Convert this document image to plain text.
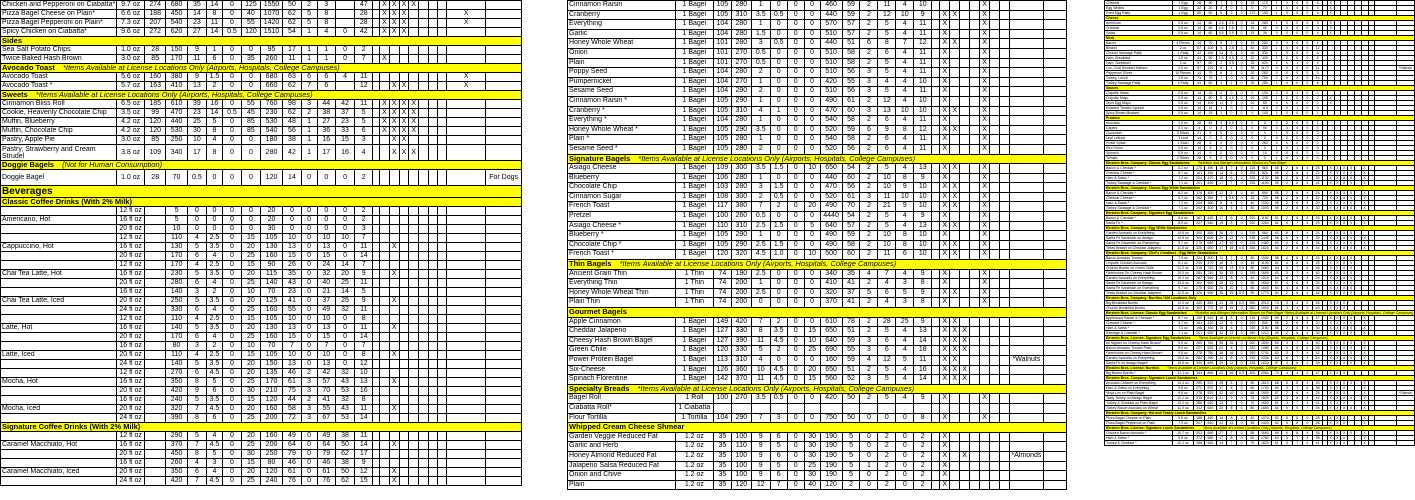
Chicken and Pepperoni on Ciabatta*	9.7 oz	274	680	35	14	0	125	1550	50	2	3		47		X	X	X	X					
Pizza Bagel Cheese on Plain*	6.6 oz	188	450	14	8	0	40	1070	62	5	8		28		X	X	X					X	
Pizza Bagel Pepperoni on Plain*	7.3 oz	207	540	23	11	0	55	1420	62	5	8		28		X	X	X					X	
Spicy Chicken on Ciabatta*	9.6 oz	272	620	27	14	0.5	120	1510	54	1	4	0	42		X	X	X						
Sides																							
Sea Salt Potato Chips	1.0 oz	28	150	9	1	0	0	95	17	1	1	0	2										
Twice Baked Hash Brown	3.0 oz	85	170	11	6	0	35	260	11	1	1	0	7		X								
Avocado Toast *Items Available at License Locations Only (Airports, Hospitals, College Campuses)																							
Avocado Toast	5.6 oz	160	380	9	1.5	0	0	680	63	6	6	4	11									X	
Avocado Toast *	5.7 oz	163	410	13	2	0	0	660	62	7	6		12			X	X					X	
Sweets *Items Available at License Locations Only (Airports, Hospitals, College Campuses)																							
Cinnamon Bliss Roll	6.5 oz	185	610	39	16	0	55	760	98	3	44	42	11		X	X	X	X					
Cookie, Heavenly Chocolate Chip	3.5 oz	99	470	23	14	0.5	45	230	62	2	38	37	5		X	X	X	X					
Muffin, Blueberry	4.2 oz	120	440	25	5	0	85	530	48	1	27	23	5		X	X	X	X					
Muffin, Chocolate Chip	4.2 oz	120	530	30	8	0	85	540	56	1	36	33	6		X	X	X	X					
Pastry, Apple Pie	3.0 oz	85	250	10	4	0	0	180	38	1	16	15	3			X	X						
Pastry, Strawberry and Cream Strudel	3.8 oz	109	340	17	8	0	0	280	42	1	17	16	4			X	X	X					
Doggie Bagels (Not for Human Consumption)																							
Doggie Bagel	1.0 oz	28	70	0.5	0	0	0	120	14	0	0	0	2										For Dogs
Beverages																							
Classic Coffee Drinks (With 2% Milk)																							
	12 fl oz		5	0	0	0	0	20	0	0	0	0	2										
Americano, Hot	16 fl oz		5	0	0	0	0	20	0	0	0	0	2										
	20 fl oz		10	0	0	0	0	30	0	0	0	0	3										
	12 fl oz		110	4	2.5	0	15	105	10	0	10	10	7										
Cappuccino, Hot	16 fl oz		130	5	3.5	0	20	130	13	0	13	0	11			X							
	20 fl oz		170	6	4	0	25	160	15	0	15	0	14										
	12 fl oz		170	4	2.5	0	15	90	26	0	24	14	7										
Chai Tea Latte, Hot	16 fl oz		230	5	3.5	0	20	115	35	0	32	20	9			X							
	20 fl oz		280	6	4	0	25	140	43	0	40	25	11										
	16 fl oz		140	3	2	0	10	70	23	0	21	14	5										
Chai Tea Latte, Iced	20 fl oz		250	5	3.5	0	20	125	41	0	37	25	9			X							
	24 fl oz		330	6	4	0	25	160	55	0	49	32	11										
	12 fl oz		110	4	2.5	0	15	105	10	0	10	0	8										
Latte, Hot	16 fl oz		140	5	3.5	0	20	130	13	0	13	0	11			X							
	20 fl oz		170	6	4	0	25	160	15	0	15	0	14										
	16 fl oz		80	3	2	0	10	70	7	0	7	0	7										
Latte, Iced	20 fl oz		110	4	2.5	0	15	105	10	0	10	0	8			X							
	24 fl oz		140	5	3.5	0	20	150	13	0	13	0	12										
	12 fl oz		270	6	4.5	0	20	135	46	2	42	32	10										
Mocha, Hot	16 fl oz		350	8	5	0	25	170	61	3	57	43	13			X							
	20 fl oz		420	9	6	0	30	210	75	3	70	53	16										
	16 fl oz		240	5	3.5	0	15	120	44	2	41	32	8										
Mocha, Iced	20 fl oz		320	7	4.5	0	20	160	58	3	55	43	11			X							
	24 fl oz		390	8	6	0	25	200	72	3	67	53	14										
Signature Coffee Drinks (With 2% Milk)																							
	12 fl oz		290	5	4	0	20	160	49	0	49	38	11										
Caramel Macchiato, Hot	16 fl oz		370	7	4.5	0	25	200	64	0	64	50	14			X							
	20 fl oz		450	8	5	0	30	250	79	0	79	62	17										
	16 fl oz		260	4	3	0	15	80	46	0	46	38	9										
Caramel Macchiato, Iced	20 fl oz		350	6	4	0	20	120	61	0	61	50	12			X							
	24 fl oz		420	7	4.5	0	25	240	76	0	76	62	15			X							
Cinnamon Raisin	1 Bagel	105	280	1	0	0	0	460	59	2	11	4	10						X				
Cranberry	1 Bagel	105	310	3.5	0.5	0	0	440	59	2	12	10	9		X	X			X				
Everything	1 Bagel	104	280	1	0	0	0	570	57	2	5	4	11		X				X				
Garlic	1 Bagel	104	280	1.5	0	0	0	510	57	2	5	4	11		X				X				
Honey Whole Wheat	1 Bagel	101	280	3	0.5	0	0	440	51	6	8	7	12		X	X			X				
Onion	1 Bagel	101	270	0.5	0	0	0	510	58	2	6	4	11		X				X				
Plain	1 Bagel	101	270	0.5	0	0	0	510	58	2	5	4	11		X				X				
Poppy Seed	1 Bagel	104	280	2	0	0	0	510	56	3	5	4	11		X				X				
Pumpernickel	1 Bagel	104	270	1	0	0	0	420	55	3	4	4	10		X				X				
Sesame Seed	1 Bagel	104	290	2	0	0	0	510	56	3	5	4	11		X				X				
Cinnamon Raisin *	1 Bagel	105	290	1	0	0	0	490	61	2	12	4	10		X				X				
Cranberry *	1 Bagel	105	310	4	1	0	0	470	60	3	13	10	10		X	X			X				
Everything *	1 Bagel	104	280	1	0	0	0	540	58	2	6	4	11		X				X				
Honey Whole Wheat *	1 Bagel	105	290	3.5	0	0	0	520	59	6	9	8	12		X	X			X				
Plain *	1 Bagel	105	280	1	0	0	0	540	58	2	6	4	11		X				X				
Sesame Seed *	1 Bagel	105	280	2	0	0	0	520	56	2	6	4	11		X				X				
Signature Bagels *Items Available at License Locations Only (Airports, Hospitals, College Campuses)																							
Asiago Cheese	1 Bagel	109	300	3.5	1.5	0	10	650	54	2	5	4	13		X	X			X				
Blueberry	1 Bagel	106	280	1	0	0	0	440	60	2	10	8	9		X				X				
Chocolate Chip	1 Bagel	103	280	3	1.5	0	0	470	56	2	10	9	10		X	X			X				
Cinnamon Sugar	1 Bagel	108	300	2	0.5	0	0	520	61	3	11	10	10		X	X			X				
French Toast	1 Bagel	117	380	7	2	0	20	490	70	2	21	9	10		X	X			X				
Pretzel	1 Bagel	100	260	0.5	0	0	0	4440	54	2	5	4	9		X				X				
Asiago Cheese *	1 Bagel	110	310	2.5	1.5	0	5	640	57	2	5	4	13		X	X			X				
Blueberry *	1 Bagel	105	290	1	0	0	0	490	59	2	10	8	10		X				X				
Chocolate Chip *	1 Bagel	105	290	2.5	1.5	0	0	490	58	2	10	8	10		X	X			X				
French Toast *	1 Bagel	120	320	4.5	1.0	0	10	500	60	2	11	6	10		X	X			X				
Thin Bagels *Items Available at License Locations Only (Airports, Hospitals, College Campuses)																							
Ancient Grain Thin	1 Thin	74	190	2.5	0	0	0	340	35	4	7	4	9		X				X				
Everything Thin	1 Thin	74	200	1	0	0	0	410	41	2	4	3	8		X				X				
Honey Whole Wheat Thin	1 Thin	74	200	2.5	0	0	0	320	37	5	6	5	9		X	X			X				
Plain Thin	1 Thin	74	200	0	0	0	0	370	41	2	4	3	8		X				X				
Gourmet Bagels																							
Apple Cinnamon	1 Bagel	149	420	7	2	0	0	610	78	2	28	25	9		X	X							
Cheddar Jalapeno	1 Bagel	127	330	8	3.5	0	15	650	51	2	5	4	13		X	X	X						
Cheesy Hash Brown Bagel	1 Bagel	127	390	11	4.5	0	10	640	59	3	6	4	14		X	X	X						
Green Chile	1 Bagel	120	330	5	2	0	25	690	55	3	6	4	18		X	X	X						
Power Protein Bagel	1 Bagel	113	310	4	0	0	0	160	59	4	12	5	11		X	X						*Walnuts	
Six-Cheese	1 Bagel	126	360	10	4.5	0	20	650	51	2	5	4	16		X	X	X						
Spinach Florentine	1 Bagel	142	370	11	4.5	0	15	560	52	3	5	4	14		X	X	X						
Specialty Breads *Items Available at License Locations Only (Airports, Hospitals, College Campuses)																							
Bagel Roll	1 Roll	100	270	3.5	0.5	0	0	420	50	2	5	4	9		X				X				
Ciabatta Roll*	1 Ciabatta																						
Flour Tortilla	1 Tortilla	104	290	7	3	0	0	750	50	0	0	0	8		X				X				
Whipped Cream Cheese Shmear																							
Garden Veggie Reduced Fat	1.2 oz	35	100	9	6	0	30	190	5	0	2	0	2		X								
Garlic and Herb	1.2 oz	35	110	9	5	0	30	190	5	0	2	0	2		X								
Honey Almond Reduced Fat	1.2 oz	35	100	9	6	0	30	190	5	0	2	0	2		X		X					*Almonds	
Jalapeno Salsa Reduced Fat	1.2 oz	35	100	9	5	0	25	190	5	1	2	0	2		X								
Onion and Chive	1.2 oz	35	100	9	6	0	30	190	5	0	2	0	2		X								
Plain	1.2 oz	35	120	12	7	0	40	120	2	0	2	0	2		X								
Cheddar	1 Egg	28	90	7	3	0	25	170	1	0	0	0	5		X								
Egg Whites	1 Egg	32	20	0	0	0	0	70	1	0	0	0	5		X								
Fried Egg Patty	1 Egg	50	90	6	2	0	170	105	1	0	0	0	6		X								
Cheese																							
American	0.5 oz	14	60	4.5	2.5	0	15	280	1	0	0	0	3		X								
Cheddar	0.5 oz	14	60	4.5	2.5	0	15	95	0	0	0	0	3		X								
Swiss	0.5 oz	14	60	4.5	2.5	0	15	35	0	0	0	0	4		X								
Meat																							
Bacon	4 Pieces	14	70	5	2	0	15	250	0	0	0	0	4										
Brisket	2 oz	57	100	6	2.5	0	40	330	1	0	0	0	12										
Chorizo Sausage Patty	1 Patty	43	150	14	5	0	30	330	1	0	0	0	6										
Ham, Breakfast	1.5 oz	43	50	1.5	0.5	0	20	430	1	0	0	0	8										
Ham, Sandwich	2 oz	57	60	2	0.5	0	25	620	2	0	1	0	9										
Lox, Cold Smoked Salmon	2.0 oz	57	120	8	1	0	35	1170	0	0	0	0	11										*Salmon
Pepperoni Slices	10 Pieces	14	70	6	2	0	20	280	0	0	0	0	3										
Turkey, Lunch	2.5 oz	71	70	1	0	0	30	750	2	0	2	2	14										
Turkey Sausage Patty	1 Patty	43	60	3	1	0	30	280	1	0	0	0	8										
Sauces																							
Chipotle Salsa	0.5 oz	14	10	0	0	0	0	100	2	0	1	0	0										
Chipotle Mayo	0.5 oz	14	80	8	1.5	0	10	105	1	0	0	0	0		X								
Dijon Egg Mayo	0.5 oz	14	100	11	2	0	10	85	0	0	0	0	0		X								
Roasted Tomato Spread	0.5 oz	14	15	1	0	0	0	115	2	0	1	0	0										
Spicy Brown Mustard	0.5 oz	14	15	1	0	0	0	140	1	0	0	0	1										
Produce																							
Avocado	1.0 oz	28	45	4	0.5	0	0	0	2	2	0	0	1										
Capers	0.1 oz	3	0	0	0	0	0	90	0	0	0	0	0										
Cucumber	3 Slices	21	5	0	0	0	0	0	1	0	0	0	0										
Leaf Lettuce	1 Leaf	14	0	0	0	0	0	0	0	0	0	0	0										
Pickle Spear	1 Each	28	5	0	0	0	0	260	0	0	0	0	0										
Red Onion	0.5 oz	14	5	0	0	0	0	0	1	0	1	0	0										
Spinach	0.5 oz	14	0	0	0	0	0	10	0	0	0	0	0										
Tomato	2 Slices	28	5	0	0	0	0	0	1	0	1	0	0										
Einstein Bros. Company: Classic Egg Sandwiches *Nutrition and Allergen Information Shown on Plain Bagel																							
Bacon & Cheddar *	6.2 oz	175	490	18	7	0	215	980	58	2	6	4	25		X	X	X	X		X			
Cheddar Cheese *	5.7 oz	161	430	13	6	0	205	820	58	2	6	4	22		X	X	X	X		X			
Ham & Swiss *	7.2 oz	204	470	15	6	0	225	1130	58	2	6	4	30		X	X	X	X		X			
Turkey Sausage & Cheddar *	7.1 oz	201	490	17	7	0	235	1100	59	2	6	4	31		X	X	X	X		X			
Einstein Bros. Company: Classic Egg White Sandwiches																							
Bacon & Cheddar *	6.2 oz	176	400	12	5	0	40	890	58	2	6	4	24		X	X	X	X		X			
Cheddar Cheese *	5.7 oz	162	350	7	3.5	0	25	720	58	2	6	4	21		X	X	X	X		X			
Ham & Swiss *	7.2 oz	204	380	8	4	0	40	1030	58	2	6	4	29		X	X	X	X		X			
Turkey Sausage & Cheddar *	7.1 oz	202	400	10	5	0	50	1000	59	2	6	4	30		X	X	X	X		X			
Einstein Bros. Company: Signature Egg Sandwiches																							
Bacon & Cheddar *	6.6 oz	187	430	17	6	0	200	1150	61	2	6	4	26		X	X	X	X		X			
Santa Fe *	8.0 oz	227	540	19	8	0	230	1260	62	4	7	4	29		X	X	X	X		X			
Einstein Bros. Company: Egg White Sandwiches																							
Garden Avocado on Everything	10.6 oz	300	590	26	9	0	215	960	63	8	7	4	24		X	X	X	X					
Santa Fe Sandwich on Asiago	10.6 oz	300	690	29	12	0	235	1440	68	5	9	4	39		X	X	X	X		X			
Santa Fe Sandwich on Everything	9.7 oz	275	640	27	10	0	225	1480	64	4	8	4	36		X	X	X	X		X			
Texas Brisket on Cheddar Jalapeno	11.5 oz	326	690	37	16	0.5	265	1620	54	2	6	4	44		X	X	X	X		X			
Einstein Bros. Company: Chef's Creations - Egg White Sandwiches																							
Bacon Avocado Tomato	7.9 oz	224	500	21	7	0	50	1040	58	4	6	4	24		X	X	X	X					
Chipotle Chicken Avocado	8.1 oz	230	470	16	5	0	45	1100	60	4	6	4	25		X	X	X	X					
Chorizo Burrito on Green Chile	11.2 oz	318	710	35	13	0.5	80	1660	64	3	7	4	36		X	X	X	X					
Farmhouse On Cheesy Hash Brown	10.0 oz	284	740	34	15	0	245	1690	63	3	7	4	40		X	X	X	X					
Garden Avocado on Everything	10.1 oz	287	560	23	8	0	40	1010	64	8	7	4	26		X	X	X	X					
Santa Fe Sandwich on Asiago	10.6 oz	300	660	28	11	0	55	1600	67	4	8	4	39		X	X	X	X					
Santa Fe Sandwich on Everything	9.7 oz	275	620	26	10	0	50	1640	64	4	8	4	36		X	X	X	X					
Texas Brisket on Cheddar Jalapeno	11.5 oz	326	690	36	15	0.5	90	1770	54	2	6	4	44		X	X	X	X					
Einstein Bros. Company: Burritos *AM Locations Only																							
Big Breakfast Burrito	12.0 oz	340	840	41	15	0.5	390	2010	74	3	4	2	46		X	X	X						
Chorizo Breakfast Burrito	10.6 oz	300	770	39	15	0	360	1900	66	3	4	2	40		X	X	X						
Einstein Bros. License: Classic Egg Sandwiches *Nutrition and Allergen Information Shown on Plain Bagel *Items Available at License Locations Only (Airports, Hospitals, College Campuses)																							
Applewood Bacon & Cheddar *	6.7 oz	190	510	18	8	0	215	1050	59	2	6	4	27		X	X	X	X		X			
Cheddar Cheese *	5.7 oz	161	420	13	6	0	200	840	58	2	6	4	22		X	X	X	X		X			
Ham & Swiss *	7.0 oz	198	460	15	6	0	230	1190	58	2	6	4	30		X	X	X	X		X			
Sausage & Cheddar *	7.1 oz	201	620	32	13	0	260	1210	59	2	6	4	30		X	X	X	X		X			
Einstein Bros. License: Signature Egg Sandwiches *Items Available at License Locations Only (Airports, Hospitals, College Campuses)																							
All Nighter on Cheesy Hash Brown*	9.5 oz	269	760	38	16	0	260	1690	62	3	7	4	40		X	X	X	X		X			
Bacon Avocado Tomato Plain	8.0 oz	227	520	22	8	0	220	1080	60	4	6	4	25		X	X	X	X		X			
Farmhouse on Cheesy Hash Brown*	9.8 oz	278	780	36	16	0	250	1740	62	3	7	4	42		X	X	X	X		X			
Garden Avocado on Everything	10.0 oz	284	590	24	8	0	215	1030	63	8	7	4	24		X	X	X	X		X			
Santa Fe on Asiago Bagel*	10.6 oz	300	690	29	12	0	235	1620	67	4	8	4	39		X	X	X	X		X			
Einstein Bros. License: Burritos *Items Available at License Locations Only (Airports, Hospitals, College Campuses)																							
Big Bueno Burrito *	12.1 oz	343	860	42	16	0.5	400	2060	74	3	4	2	47		X	X	X						
Einstein Bros. Company: Signature Lunch Sandwiches																							
Avocado Chicken on Everything	10.4 oz	295	670	25	6	0	80	1610	68	6	8	4	43		X	X	X	X		X			
Ham & Swiss on Everything	9.6 oz	272	570	17	8	0	60	1730	63	3	7	4	38		X	X	X			X			
Nova Lox on Plain Bagel	9.8 oz	278	520	22	10	0	65	1900	57	2	6	4	25		X	X	X			X			*Salmon
Tasty Turkey on Asiago Bagel	11.1 oz	315	610	21	9	0	75	1800	62	3	8	4	44		X	X	X	X		X			
Turkey & Cheddar on Plain Bagel	10.1 oz	286	530	13	7	0	70	1600	61	3	7	4	41		X	X	X			X			
Turkey Bacon Avocado on Wheat	11.0 oz	312	640	23	8	0	80	1680	64	9	9	7	45		X	X	X	X		X			
Einstein Bros. Company: Hot and Toasty Lunch Sandwiches																							
Pizza Bagel Cheese on Plain	6.6 oz	188	450	14	8	0	40	1070	62	5	8	0	28		X	X	X			X			
Pizza Bagel Pepperoni on Plain	7.3 oz	207	540	23	11	0	55	1420	62	5	8	0	28		X	X	X			X			
Einstein Bros. License: Signature Lunch Sandwiches *Items Available at License Locations Only (Airports, Hospitals, College Campuses)																							
Chicken Bacon Avocado *	10.7 oz	303	690	27	7	0	85	1690	69	6	8	4	45		X	X	X	X		X			
Ham & Swiss *	9.6 oz	272	580	17	8	0	60	1760	63	3	7	4	38		X	X	X			X			
Turkey & Cheddar *	10.1 oz	286	540	14	7	0	70	1620	61	3	7	4	41		X	X	X			X			
